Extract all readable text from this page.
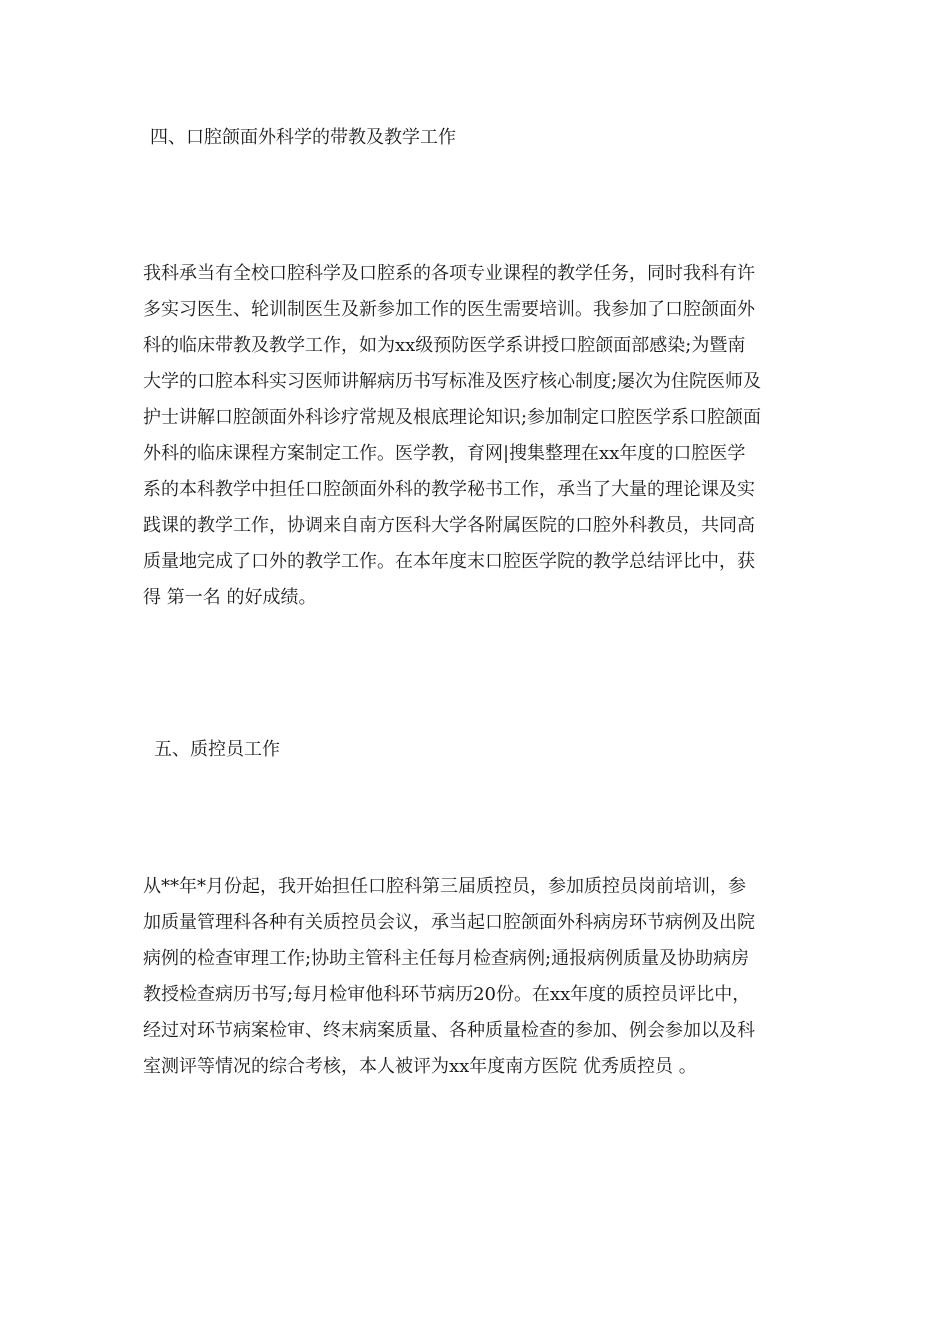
四、口腔颌面外科学的带教及教学工作
我科承当有全校口腔科学及口腔系的各项专业课程的教学任务，同时我科有许
多实习医生、轮训制医生及新参加工作的医生需要培训。我参加了口腔颌面外
科的临床带教及教学工作，如为xx级预防医学系讲授口腔颌面部感染;为暨南
大学的口腔本科实习医师讲解病历书写标准及医疗核心制度;屡次为住院医师及
护士讲解口腔颌面外科诊疗常规及根底理论知识;参加制定口腔医学系口腔颌面
外科的临床课程方案制定工作。医学教，育网|搜集整理在xx年度的口腔医学
系的本科教学中担任口腔颌面外科的教学秘书工作，承当了大量的理论课及实
践课的教学工作，协调来自南方医科大学各附属医院的口腔外科教员，共同高
质量地完成了口外的教学工作。在本年度末口腔医学院的教学总结评比中，获
得 第一名 的好成绩。
五、质控员工作
从**年*月份起，我开始担任口腔科第三届质控员，参加质控员岗前培训，参
加质量管理科各种有关质控员会议，承当起口腔颌面外科病房环节病例及出院
病例的检查审理工作;协助主管科主任每月检查病例;通报病例质量及协助病房
教授检查病历书写;每月检审他科环节病历20份。在xx年度的质控员评比中，
经过对环节病案检审、终末病案质量、各种质量检查的参加、例会参加以及科
室测评等情况的综合考核，本人被评为xx年度南方医院 优秀质控员 。
